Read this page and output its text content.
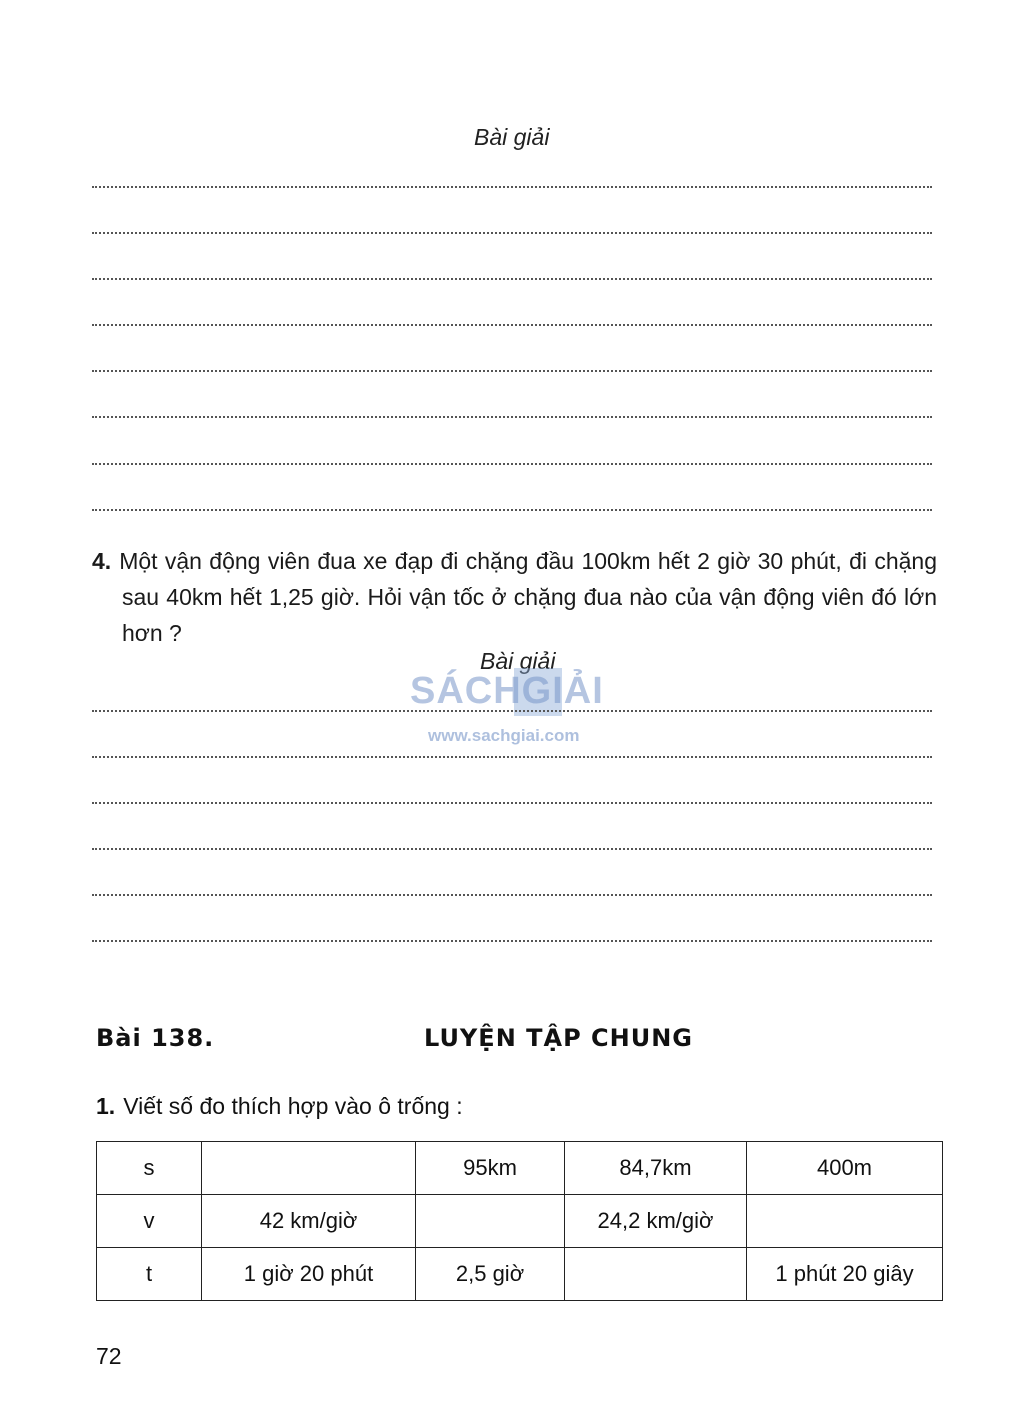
Bài giải
4. Một vận động viên đua xe đạp đi chặng đầu 100km hết 2 giờ 30 phút, đi chặng sau 40km hết 1,25 giờ. Hỏi vận tốc ở chặng đua nào của vận động viên đó lớn hơn ?
Bài giải
SÁCHGIẢI
www.sachgiai.com
Bài 138.	LUYỆN TẬP CHUNG
1. Viết số đo thích hợp vào ô trống :
s		95km	84,7km	400m
v	42 km/giờ		24,2 km/giờ	
t	1 giờ 20 phút	2,5 giờ		1 phút 20 giây
72
